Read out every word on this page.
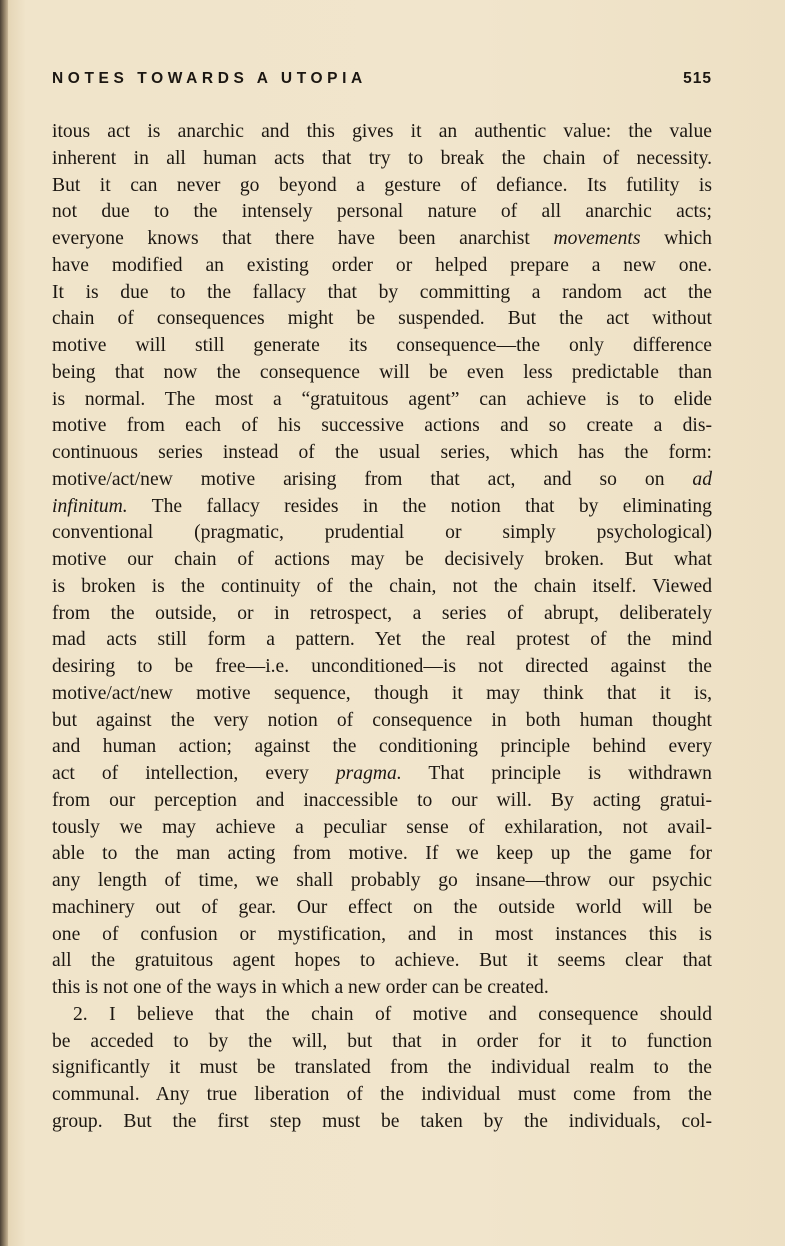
NOTES TOWARDS A UTOPIA	515
itous act is anarchic and this gives it an authentic value: the value
inherent in all human acts that try to break the chain of necessity.
But it can never go beyond a gesture of defiance. Its futility is
not due to the intensely personal nature of all anarchic acts;
everyone knows that there have been anarchist movements which
have modified an existing order or helped prepare a new one.
It is due to the fallacy that by committing a random act the
chain of consequences might be suspended. But the act without
motive will still generate its consequence—the only difference
being that now the consequence will be even less predictable than
is normal. The most a “gratuitous agent” can achieve is to elide
motive from each of his successive actions and so create a dis-
continuous series instead of the usual series, which has the form:
motive/act/new motive arising from that act, and so on ad
infinitum. The fallacy resides in the notion that by eliminating
conventional (pragmatic, prudential or simply psychological)
motive our chain of actions may be decisively broken. But what
is broken is the continuity of the chain, not the chain itself. Viewed
from the outside, or in retrospect, a series of abrupt, deliberately
mad acts still form a pattern. Yet the real protest of the mind
desiring to be free—i.e. unconditioned—is not directed against the
motive/act/new motive sequence, though it may think that it is,
but against the very notion of consequence in both human thought
and human action; against the conditioning principle behind every
act of intellection, every pragma. That principle is withdrawn
from our perception and inaccessible to our will. By acting gratui-
tously we may achieve a peculiar sense of exhilaration, not avail-
able to the man acting from motive. If we keep up the game for
any length of time, we shall probably go insane—throw our psychic
machinery out of gear. Our effect on the outside world will be
one of confusion or mystification, and in most instances this is
all the gratuitous agent hopes to achieve. But it seems clear that
this is not one of the ways in which a new order can be created.
2. I believe that the chain of motive and consequence should
be acceded to by the will, but that in order for it to function
significantly it must be translated from the individual realm to the
communal. Any true liberation of the individual must come from the
group. But the first step must be taken by the individuals, col-
